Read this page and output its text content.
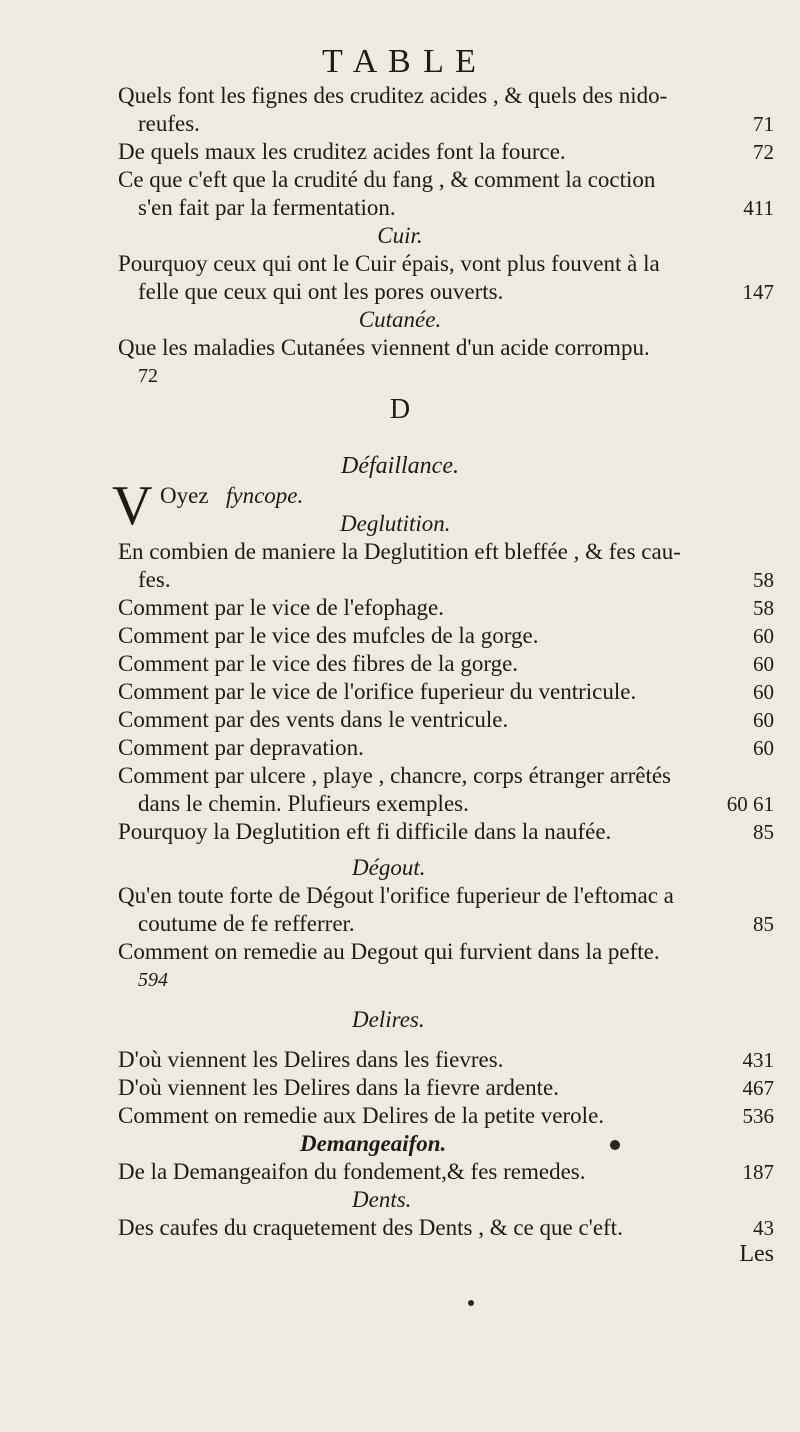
T A B L E
Quels font les fignes des cruditez acides , & quels des nido-
reufes.	71
De quels maux les cruditez acides font la fource.	72
Ce que c'eft que la crudité du fang , & comment la coction
s'en fait par la fermentation.	411
Cuir.
Pourquoy ceux qui ont le Cuir épais, vont plus fouvent à la
felle que ceux qui ont les pores ouverts.	147
Cutanée.
Que les maladies Cutanées viennent d'un acide corrompu.
72
D
Défaillance.
V Oyez fyncope.
Deglutition.
En combien de maniere la Deglutition eft bleffée , & fes cau-
fes.	58
Comment par le vice de l'efophage.	58
Comment par le vice des mufcles de la gorge.	60
Comment par le vice des fibres de la gorge.	60
Comment par le vice de l'orifice fuperieur du ventricule.	60
Comment par des vents dans le ventricule.	60
Comment par depravation.	60
Comment par ulcere , playe , chancre, corps étranger arrêtés
dans le chemin. Plufieurs exemples.	60 61
Pourquoy la Deglutition eft fi difficile dans la naufée.	85
Dégout.
Qu'en toute forte de Dégout l'orifice fuperieur de l'eftomac a
coutume de fe refferrer.	85
Comment on remedie au Degout qui furvient dans la pefte.
594
Delires.
D'où viennent les Delires dans les fievres.	431
D'où viennent les Delires dans la fievre ardente.	467
Comment on remedie aux Delires de la petite verole.	536
Demangeaifon.
De la Demangeaifon du fondement,& fes remedes.	187
Dents.
Des caufes du craquetement des Dents , & ce que c'eft.	43
Les
